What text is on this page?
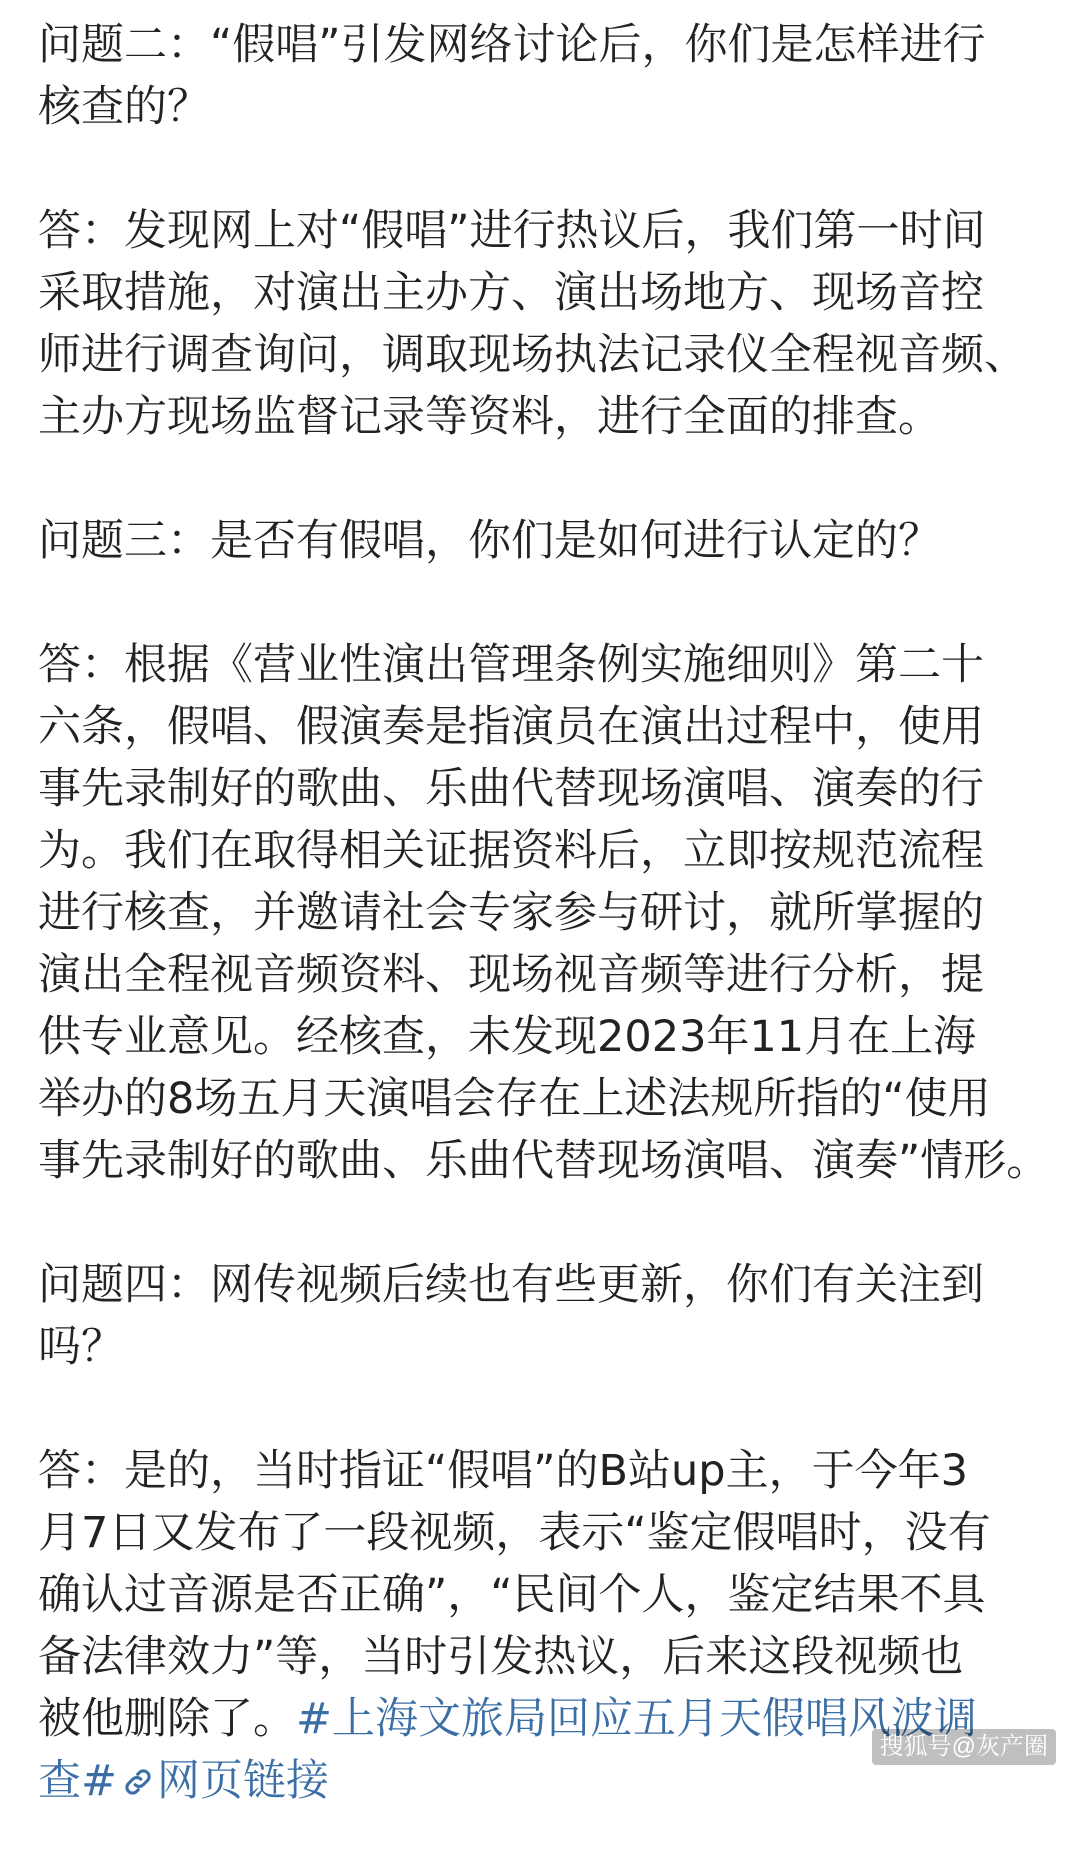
问题二：“假唱”引发网络讨论后，你们是怎样进行
核查的？
答：发现网上对“假唱”进行热议后，我们第一时间
采取措施，对演出主办方、演出场地方、现场音控
师进行调查询问，调取现场执法记录仪全程视音频、
主办方现场监督记录等资料，进行全面的排查。
问题三：是否有假唱，你们是如何进行认定的？
答：根据《营业性演出管理条例实施细则》第二十
六条，假唱、假演奏是指演员在演出过程中，使用
事先录制好的歌曲、乐曲代替现场演唱、演奏的行
为。我们在取得相关证据资料后，立即按规范流程
进行核查，并邀请社会专家参与研讨，就所掌握的
演出全程视音频资料、现场视音频等进行分析，提
供专业意见。经核查，未发现2023年11月在上海
举办的8场五月天演唱会存在上述法规所指的“使用
事先录制好的歌曲、乐曲代替现场演唱、演奏”情形。
问题四：网传视频后续也有些更新，你们有关注到
吗？
答：是的，当时指证“假唱”的B站up主，于今年3
月7日又发布了一段视频，表示“鉴定假唱时，没有
确认过音源是否正确”，“民间个人，鉴定结果不具
备法律效力”等，当时引发热议，后来这段视频也
被他删除了。#上海文旅局回应五月天假唱风波调
查# 网页链接
搜狐号@灰产圈
